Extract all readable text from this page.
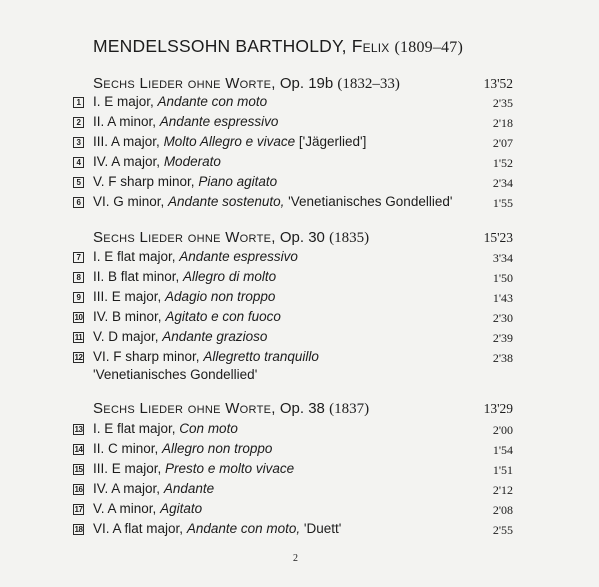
MENDELSSOHN BARTHOLDY, Felix (1809–47)
Sechs Lieder ohne Worte, Op. 19b (1832–33)	13'52
1 I. E major, Andante con moto	2'35
2 II. A minor, Andante espressivo	2'18
3 III. A major, Molto Allegro e vivace ['Jägerlied']	2'07
4 IV. A major, Moderato	1'52
5 V. F sharp minor, Piano agitato	2'34
6 VI. G minor, Andante sostenuto, 'Venetianisches Gondellied'	1'55
Sechs Lieder ohne Worte, Op. 30 (1835)	15'23
7 I. E flat major, Andante espressivo	3'34
8 II. B flat minor, Allegro di molto	1'50
9 III. E major, Adagio non troppo	1'43
10 IV. B minor, Agitato e con fuoco	2'30
11 V. D major, Andante grazioso	2'39
12 VI. F sharp minor, Allegretto tranquillo	2'38
'Venetianisches Gondellied'
Sechs Lieder ohne Worte, Op. 38 (1837)	13'29
13 I. E flat major, Con moto	2'00
14 II. C minor, Allegro non troppo	1'54
15 III. E major, Presto e molto vivace	1'51
16 IV. A major, Andante	2'12
17 V. A minor, Agitato	2'08
18 VI. A flat major, Andante con moto, 'Duett'	2'55
2
